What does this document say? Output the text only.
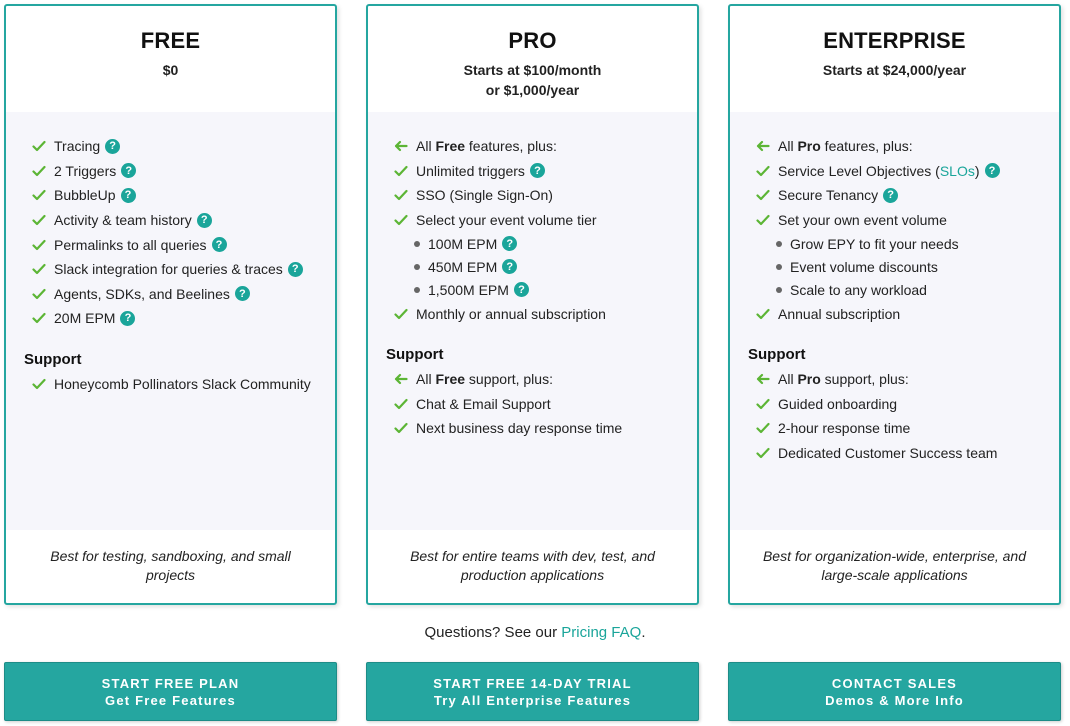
FREE
$0
Tracing ?
2 Triggers ?
BubbleUp ?
Activity & team history ?
Permalinks to all queries ?
Slack integration for queries & traces ?
Agents, SDKs, and Beelines ?
20M EPM ?
Support
Honeycomb Pollinators Slack Community
Best for testing, sandboxing, and small projects
PRO
Starts at $100/month
or $1,000/year
All Free features, plus:
Unlimited triggers ?
SSO (Single Sign-On)
Select your event volume tier
100M EPM ?
450M EPM ?
1,500M EPM ?
Monthly or annual subscription
Support
All Free support, plus:
Chat & Email Support
Next business day response time
Best for entire teams with dev, test, and production applications
ENTERPRISE
Starts at $24,000/year
All Pro features, plus:
Service Level Objectives (SLOs) ?
Secure Tenancy ?
Set your own event volume
Grow EPY to fit your needs
Event volume discounts
Scale to any workload
Annual subscription
Support
All Pro support, plus:
Guided onboarding
2-hour response time
Dedicated Customer Success team
Best for organization-wide, enterprise, and large-scale applications
Questions? See our Pricing FAQ.
START FREE PLAN
Get Free Features
START FREE 14-DAY TRIAL
Try All Enterprise Features
CONTACT SALES
Demos & More Info
